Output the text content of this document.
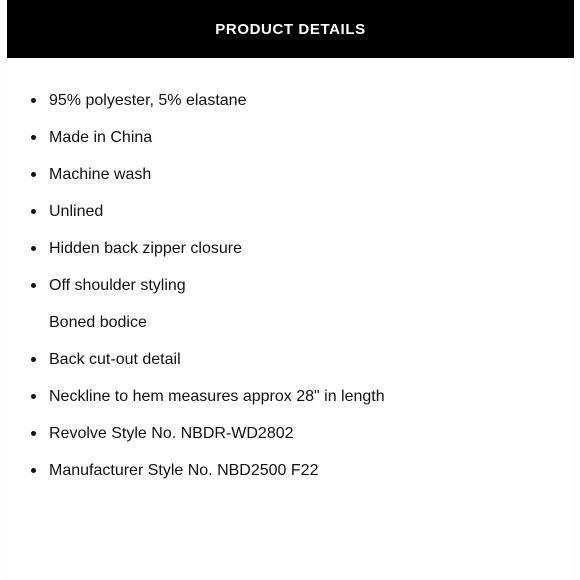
PRODUCT DETAILS
95% polyester, 5% elastane
Made in China
Machine wash
Unlined
Hidden back zipper closure
Off shoulder styling
Boned bodice
Back cut-out detail
Neckline to hem measures approx 28" in length
Revolve Style No. NBDR-WD2802
Manufacturer Style No. NBD2500 F22
